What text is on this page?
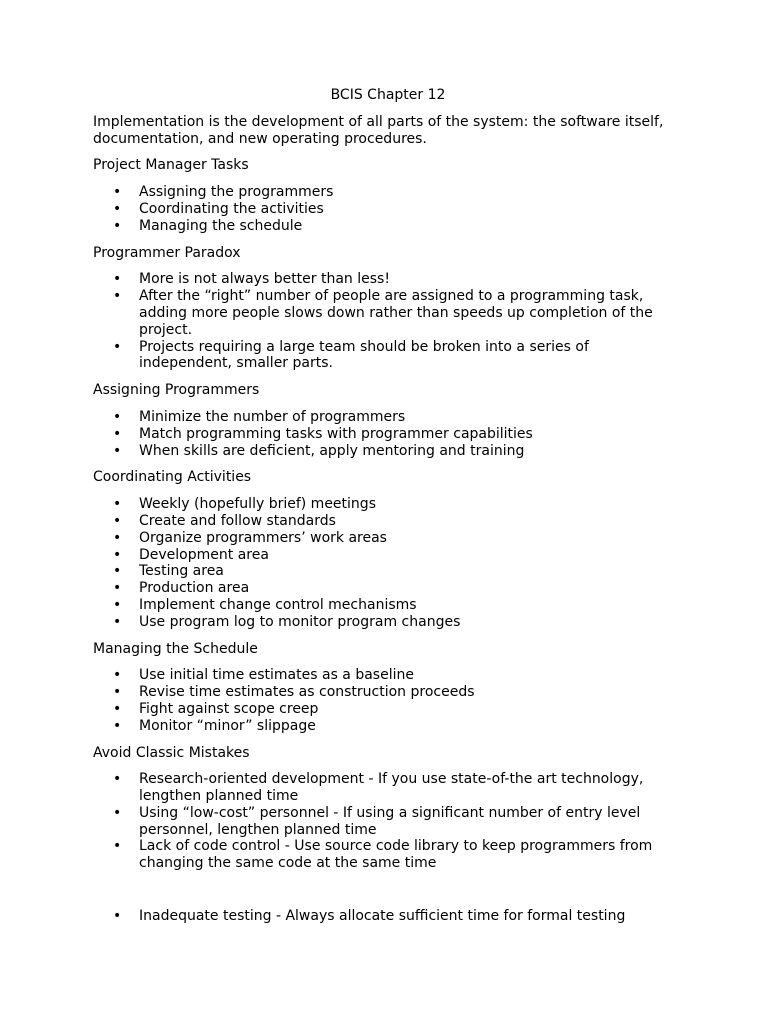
BCIS Chapter 12

Implementation is the development of all parts of the system: the software itself, documentation, and new operating procedures.

Project Manager Tasks

• Assigning the programmers
• Coordinating the activities
• Managing the schedule

Programmer Paradox

• More is not always better than less!
• After the “right” number of people are assigned to a programming task, adding more people slows down rather than speeds up completion of the project.
• Projects requiring a large team should be broken into a series of independent, smaller parts.

Assigning Programmers

• Minimize the number of programmers
• Match programming tasks with programmer capabilities
• When skills are deficient, apply mentoring and training

Coordinating Activities

• Weekly (hopefully brief) meetings
• Create and follow standards
• Organize programmers’ work areas
• Development area
• Testing area
• Production area
• Implement change control mechanisms
• Use program log to monitor program changes

Managing the Schedule

• Use initial time estimates as a baseline
• Revise time estimates as construction proceeds
• Fight against scope creep
• Monitor “minor” slippage

Avoid Classic Mistakes

• Research-oriented development - If you use state-of-the art technology, lengthen planned time
• Using “low-cost” personnel - If using a significant number of entry level personnel, lengthen planned time
• Lack of code control - Use source code library to keep programmers from changing the same code at the same time
• Inadequate testing - Always allocate sufficient time for formal testing
